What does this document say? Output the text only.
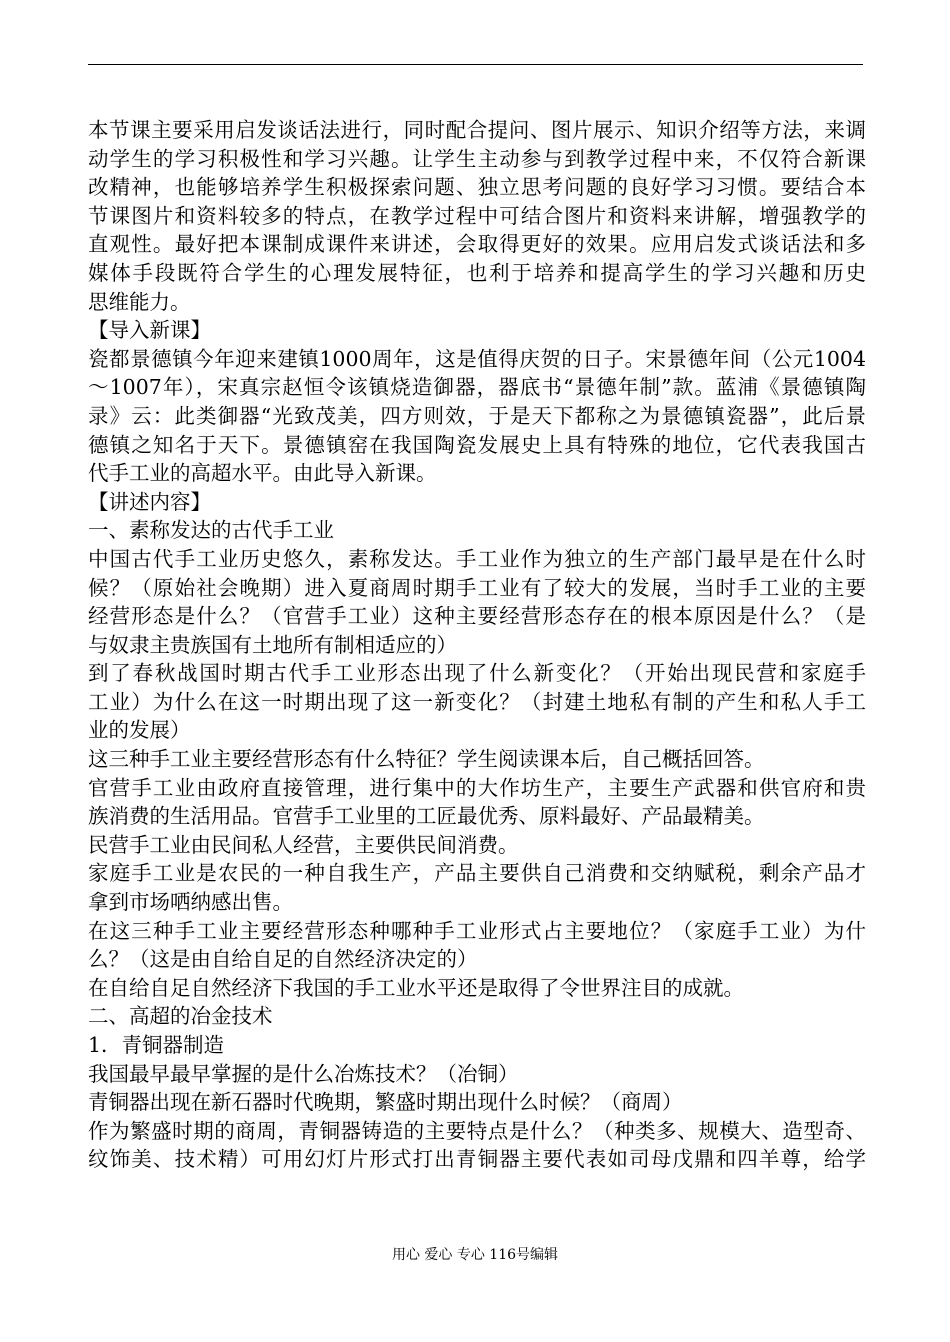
本节课主要采用启发谈话法进行，同时配合提问、图片展示、知识介绍等方法，来调
动学生的学习积极性和学习兴趣。让学生主动参与到教学过程中来，不仅符合新课
改精神，也能够培养学生积极探索问题、独立思考问题的良好学习习惯。要结合本
节课图片和资料较多的特点，在教学过程中可结合图片和资料来讲解，增强教学的
直观性。最好把本课制成课件来讲述，会取得更好的效果。应用启发式谈话法和多
媒体手段既符合学生的心理发展特征，也利于培养和提高学生的学习兴趣和历史
思维能力。
【导入新课】
瓷都景德镇今年迎来建镇1000周年，这是值得庆贺的日子。宋景德年间（公元1004
～1007年），宋真宗赵恒令该镇烧造御器，器底书“景德年制”款。蓝浦《景德镇陶
录》云：此类御器“光致茂美，四方则效，于是天下都称之为景德镇瓷器”，此后景
德镇之知名于天下。景德镇窑在我国陶瓷发展史上具有特殊的地位，它代表我国古
代手工业的高超水平。由此导入新课。
【讲述内容】
一、素称发达的古代手工业
中国古代手工业历史悠久，素称发达。手工业作为独立的生产部门最早是在什么时
候？（原始社会晚期）进入夏商周时期手工业有了较大的发展，当时手工业的主要
经营形态是什么？（官营手工业）这种主要经营形态存在的根本原因是什么？（是
与奴隶主贵族国有土地所有制相适应的）
到了春秋战国时期古代手工业形态出现了什么新变化？（开始出现民营和家庭手
工业）为什么在这一时期出现了这一新变化？（封建土地私有制的产生和私人手工
业的发展）
这三种手工业主要经营形态有什么特征？学生阅读课本后，自己概括回答。
官营手工业由政府直接管理，进行集中的大作坊生产，主要生产武器和供官府和贵
族消费的生活用品。官营手工业里的工匠最优秀、原料最好、产品最精美。
民营手工业由民间私人经营，主要供民间消费。
家庭手工业是农民的一种自我生产，产品主要供自己消费和交纳赋税，剩余产品才
拿到市场哂纳感出售。
在这三种手工业主要经营形态种哪种手工业形式占主要地位？（家庭手工业）为什
么？（这是由自给自足的自然经济决定的）
在自给自足自然经济下我国的手工业水平还是取得了令世界注目的成就。
二、高超的冶金技术
1．青铜器制造
我国最早最早掌握的是什么冶炼技术？（冶铜）
青铜器出现在新石器时代晚期，繁盛时期出现什么时候？（商周）
作为繁盛时期的商周，青铜器铸造的主要特点是什么？（种类多、规模大、造型奇、
纹饰美、技术精）可用幻灯片形式打出青铜器主要代表如司母戊鼎和四羊尊，给学
用心 爱心 专心 116号编辑
